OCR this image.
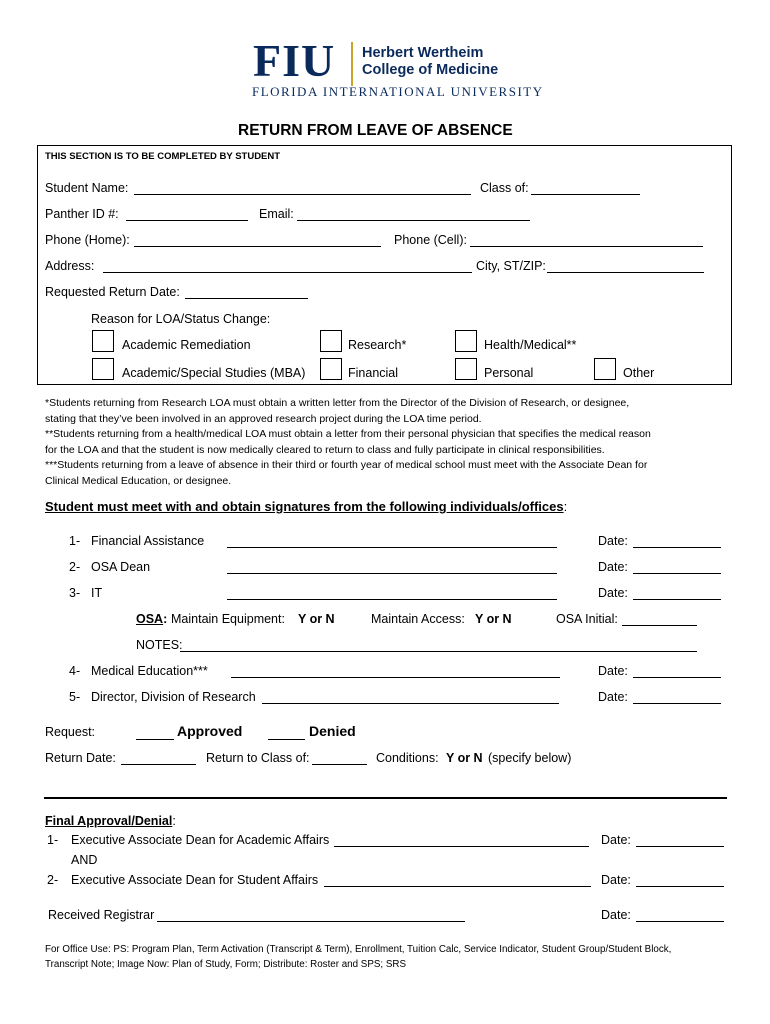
FIU Herbert Wertheim
College of Medicine
FLORIDA INTERNATIONAL UNIVERSITY
RETURN FROM LEAVE OF ABSENCE
THIS SECTION IS TO BE COMPLETED BY STUDENT
Student Name:	Class of:
Panther ID #:	Email:
Phone (Home):	Phone (Cell):
Address:	City, ST/ZIP:
Requested Return Date:
Reason for LOA/Status Change:
Academic Remediation	Research*	Health/Medical**
Academic/Special Studies (MBA)	Financial	Personal	Other
*Students returning from Research LOA must obtain a written letter from the Director of the Division of Research, or designee,
stating that they’ve been involved in an approved research project during the LOA time period.
**Students returning from a health/medical LOA must obtain a letter from their personal physician that specifies the medical reason
for the LOA and that the student is now medically cleared to return to class and fully participate in clinical responsibilities.
***Students returning from a leave of absence in their third or fourth year of medical school must meet with the Associate Dean for
Clinical Medical Education, or designee.
Student must meet with and obtain signatures from the following individuals/offices:
1- Financial Assistance	Date:
2- OSA Dean	Date:
3- IT	Date:
OSA: Maintain Equipment: Y or N	Maintain Access: Y or N	OSA Initial:
NOTES:
4- Medical Education***	Date:
5- Director, Division of Research	Date:
Request:	Approved	Denied
Return Date:	Return to Class of:	Conditions: Y or N (specify below)
Final Approval/Denial:
1- Executive Associate Dean for Academic Affairs	Date:
AND
2- Executive Associate Dean for Student Affairs	Date:
Received Registrar	Date:
For Office Use: PS: Program Plan, Term Activation (Transcript & Term), Enrollment, Tuition Calc, Service Indicator, Student Group/Student Block,
Transcript Note; Image Now: Plan of Study, Form; Distribute: Roster and SPS; SRS
